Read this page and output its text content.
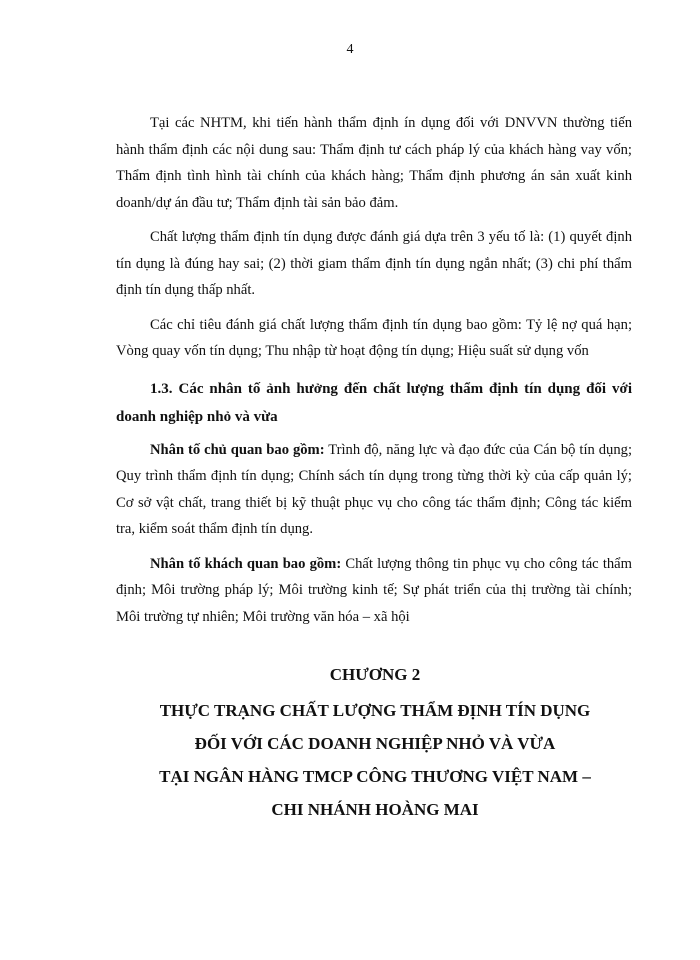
4

Tại các NHTM, khi tiến hành thẩm định ín dụng đối với DNVVN thường tiến hành thẩm định các nội dung sau: Thẩm định tư cách pháp lý của khách hàng vay vốn; Thẩm định tình hình tài chính của khách hàng; Thẩm định phương án sản xuất kinh doanh/dự án đầu tư; Thẩm định tài sản bảo đảm.

Chất lượng thẩm định tín dụng được đánh giá dựa trên 3 yếu tố là: (1) quyết định tín dụng là đúng hay sai; (2) thời giam thẩm định tín dụng ngắn nhất; (3) chi phí thẩm định tín dụng thấp nhất.

Các chỉ tiêu đánh giá chất lượng thẩm định tín dụng bao gồm: Tỷ lệ nợ quá hạn; Vòng quay vốn tín dụng; Thu nhập từ hoạt động tín dụng; Hiệu suất sử dụng vốn

1.3. Các nhân tố ảnh hưởng đến chất lượng thẩm định tín dụng đối với doanh nghiệp nhỏ và vừa

Nhân tố chủ quan bao gồm: Trình độ, năng lực và đạo đức của Cán bộ tín dụng; Quy trình thẩm định tín dụng; Chính sách tín dụng trong từng thời kỳ của cấp quản lý; Cơ sở vật chất, trang thiết bị kỹ thuật phục vụ cho công tác thẩm định; Công tác kiểm tra, kiểm soát thẩm định tín dụng.

Nhân tố khách quan bao gồm: Chất lượng thông tin phục vụ cho công tác thẩm định; Môi trường pháp lý; Môi trường kinh tế; Sự phát triển của thị trường tài chính; Môi trường tự nhiên; Môi trường văn hóa – xã hội

CHƯƠNG 2

THỰC TRẠNG CHẤT LƯỢNG THẨM ĐỊNH TÍN DỤNG

ĐỐI VỚI CÁC DOANH NGHIỆP NHỎ VÀ VỪA

TẠI NGÂN HÀNG TMCP CÔNG THƯƠNG VIỆT NAM –

CHI NHÁNH HOÀNG MAI
